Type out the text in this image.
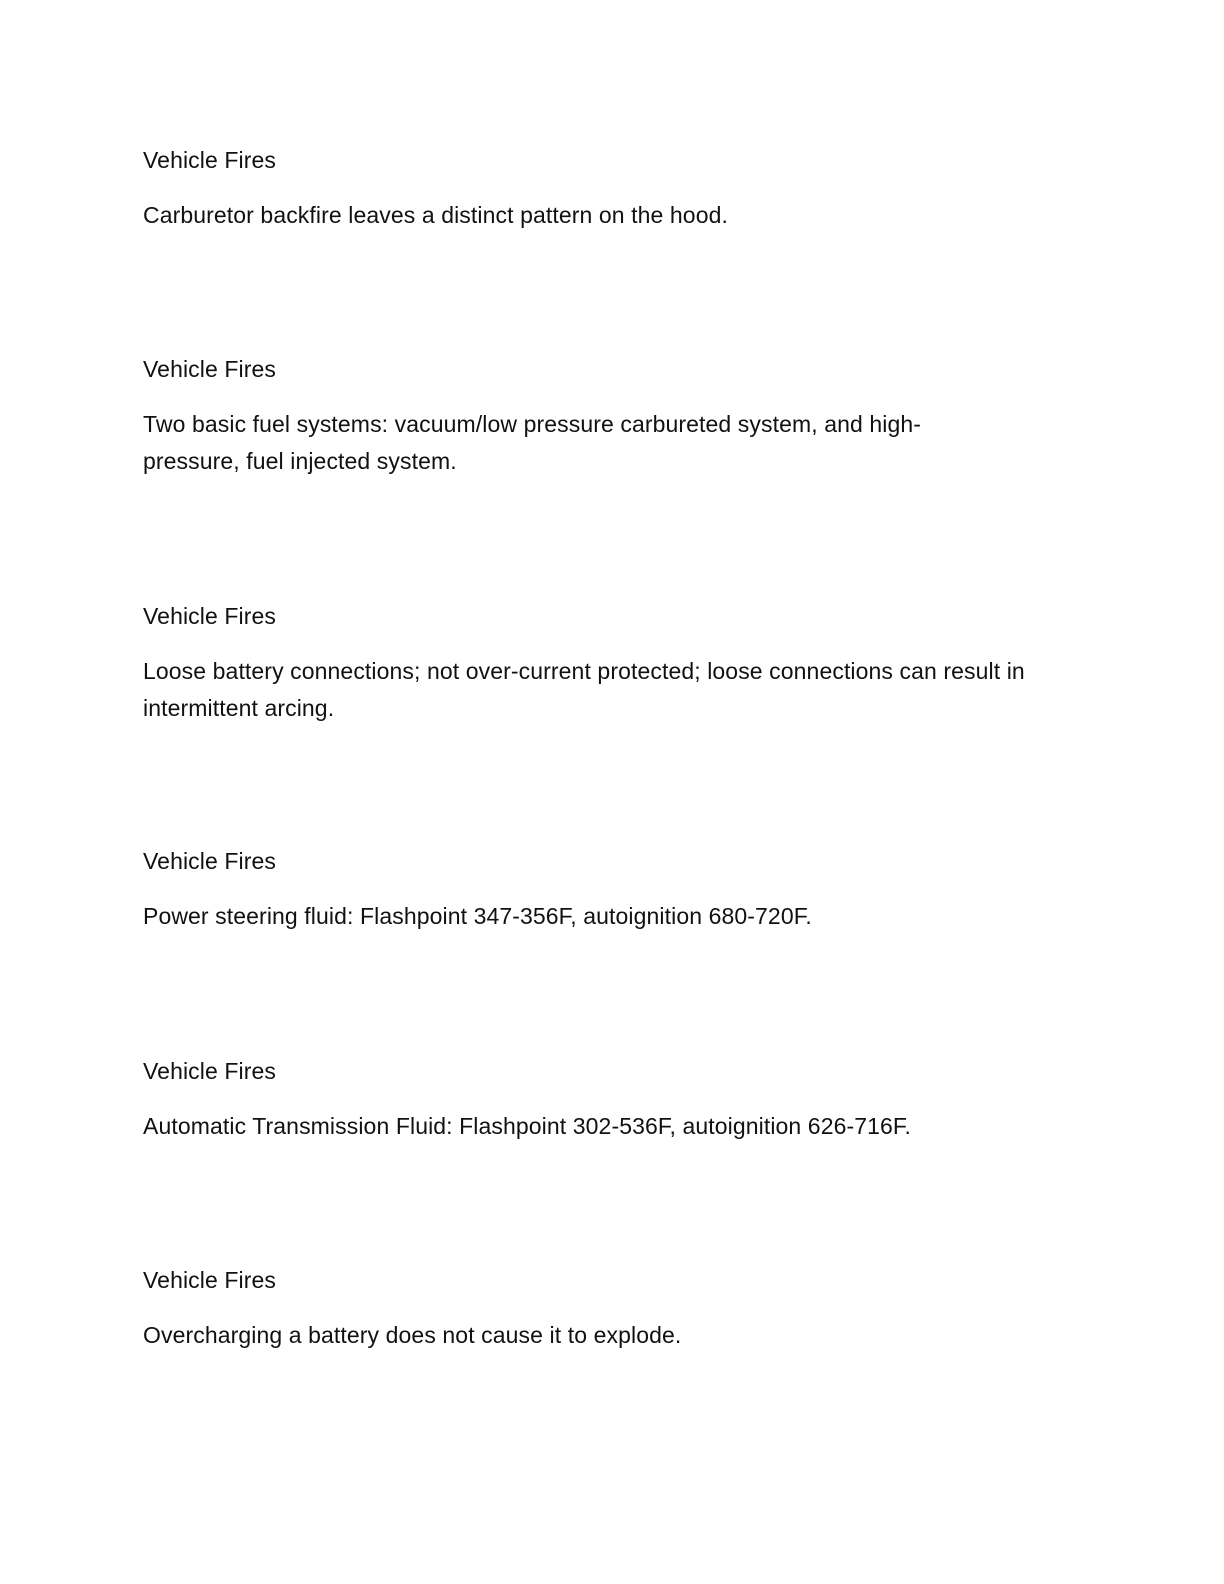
Vehicle Fires

Carburetor backfire leaves a distinct pattern on the hood.

Vehicle Fires

Two basic fuel systems: vacuum/low pressure carbureted system, and high-pressure, fuel injected system.

Vehicle Fires

Loose battery connections; not over-current protected; loose connections can result in intermittent arcing.

Vehicle Fires

Power steering fluid: Flashpoint 347-356F, autoignition 680-720F.

Vehicle Fires

Automatic Transmission Fluid: Flashpoint 302-536F, autoignition 626-716F.

Vehicle Fires

Overcharging a battery does not cause it to explode.
